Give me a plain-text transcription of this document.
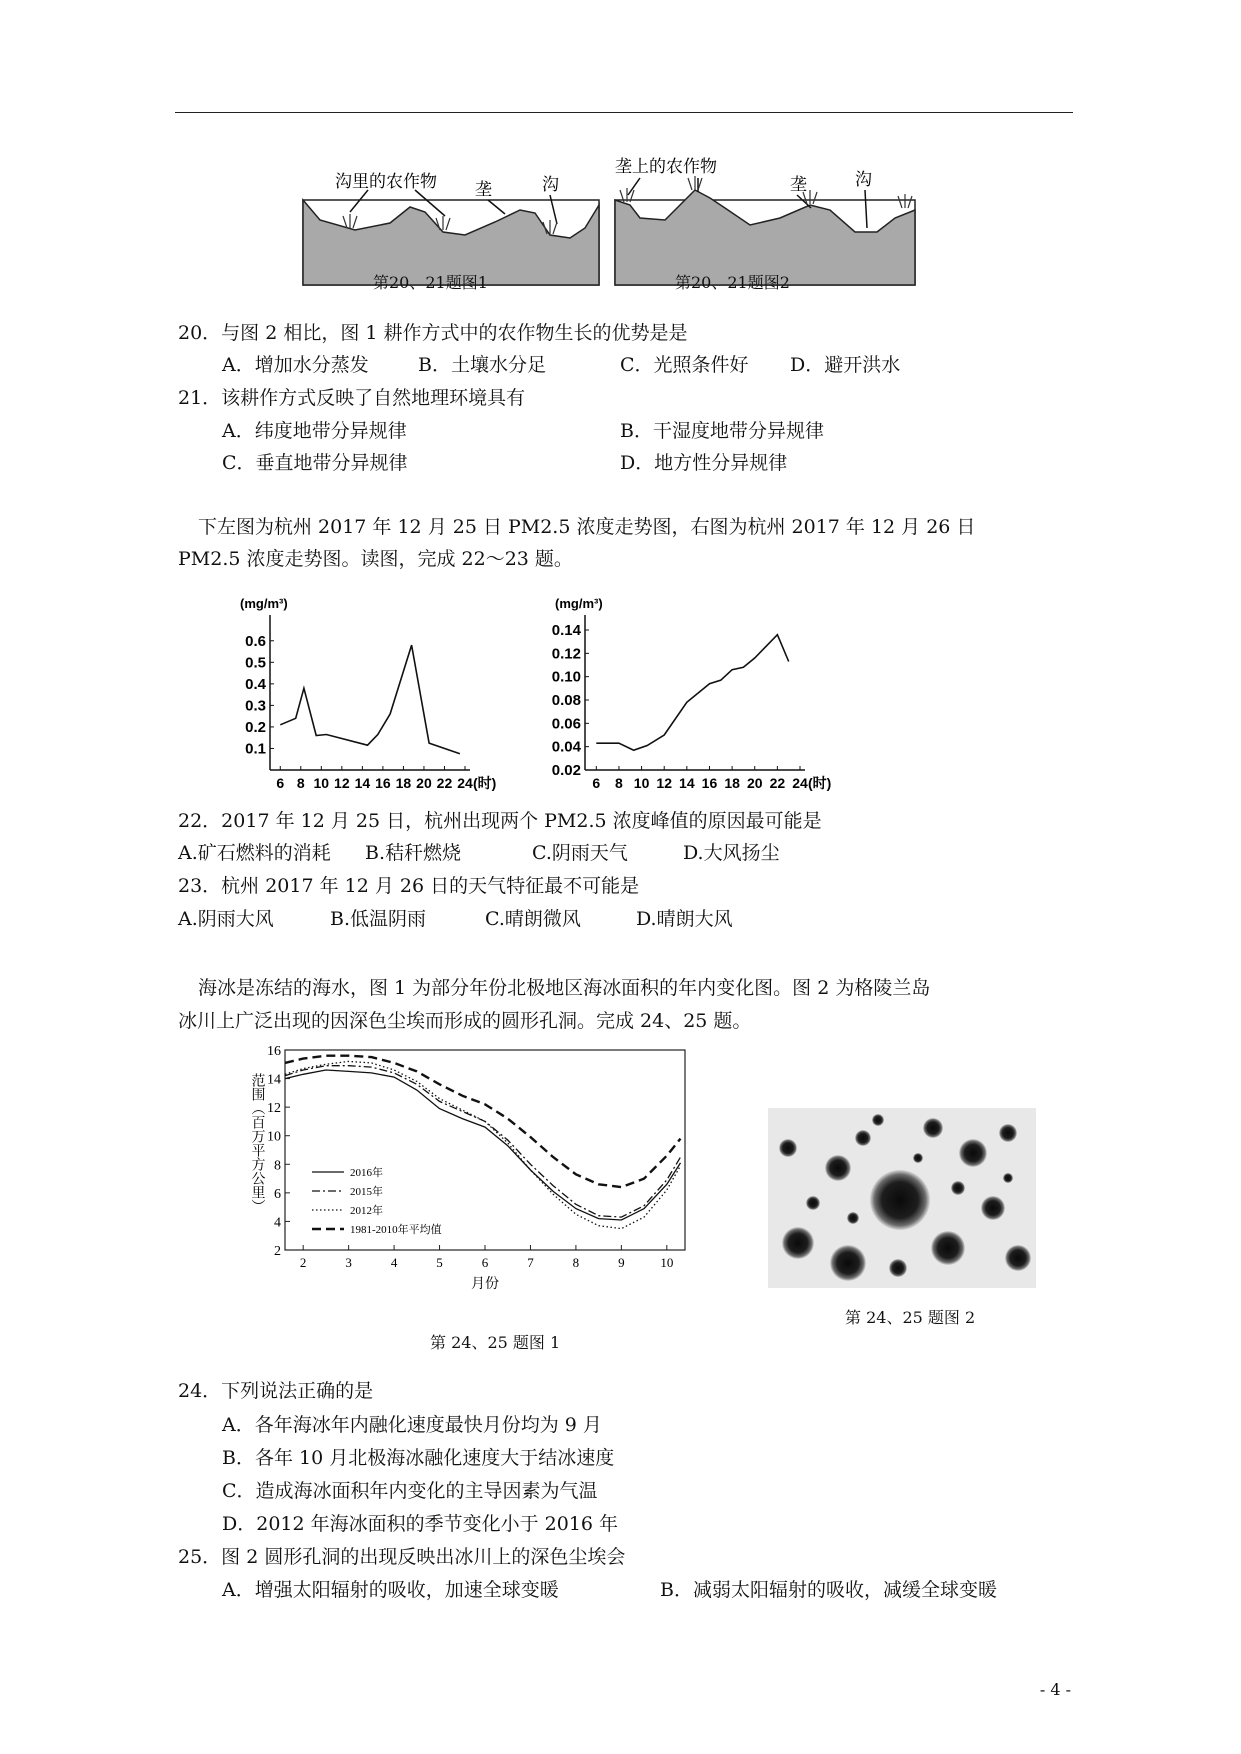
沟里的农作物 垄	沟
垄上的农作物
垄	沟
第20、21题图1	第20、21题图2
20．与图 2 相比，图 1 耕作方式中的农作物生长的优势是是
A．增加水分蒸发	B．土壤水分足	C．光照条件好 D．避开洪水
21．该耕作方式反映了自然地理环境具有
A．纬度地带分异规律	B．干湿度地带分异规律
C．垂直地带分异规律	D．地方性分异规律
下左图为杭州 2017 年 12 月 25 日 PM2.5 浓度走势图，右图为杭州 2017 年 12 月 26 日
PM2.5 浓度走势图。读图，完成 22～23 题。
(mg/m³)
0.1
0.2
0.3
0.4
0.5
0.6
6 8 10 12 14 16 18 20 22 24 (时)
(mg/m³)
0.02
0.04
0.06
0.08
0.10
0.12
0.14
6 8 10 12 14 16 18 20 22 24 (时)
22．2017 年 12 月 25 日，杭州出现两个 PM2.5 浓度峰值的原因最可能是
A.矿石燃料的消耗 B.秸秆燃烧	C.阴雨天气	D.大风扬尘
23．杭州 2017 年 12 月 26 日的天气特征最不可能是
A.阴雨大风	B.低温阴雨	C.晴朗微风	D.晴朗大风
海冰是冻结的海水，图 1 为部分年份北极地区海冰面积的年内变化图。图 2 为格陵兰岛
冰川上广泛出现的因深色尘埃而形成的圆形孔洞。完成 24、25 题。
2
4
6
8
10
12
14
16
2	3	4	5	6	7	8	9	10
月份
范围（百万平方公里）	2016年
2015年
2012年
1981-2010年平均值
第 24、25 题图 1
第 24、25 题图 2
24．下列说法正确的是
A．各年海冰年内融化速度最快月份均为 9 月
B．各年 10 月北极海冰融化速度大于结冰速度
C．造成海冰面积年内变化的主导因素为气温
D．2012 年海冰面积的季节变化小于 2016 年
25．图 2 圆形孔洞的出现反映出冰川上的深色尘埃会
A．增强太阳辐射的吸收，加速全球变暖	B．减弱太阳辐射的吸收，减缓全球变暖
- 4 -
